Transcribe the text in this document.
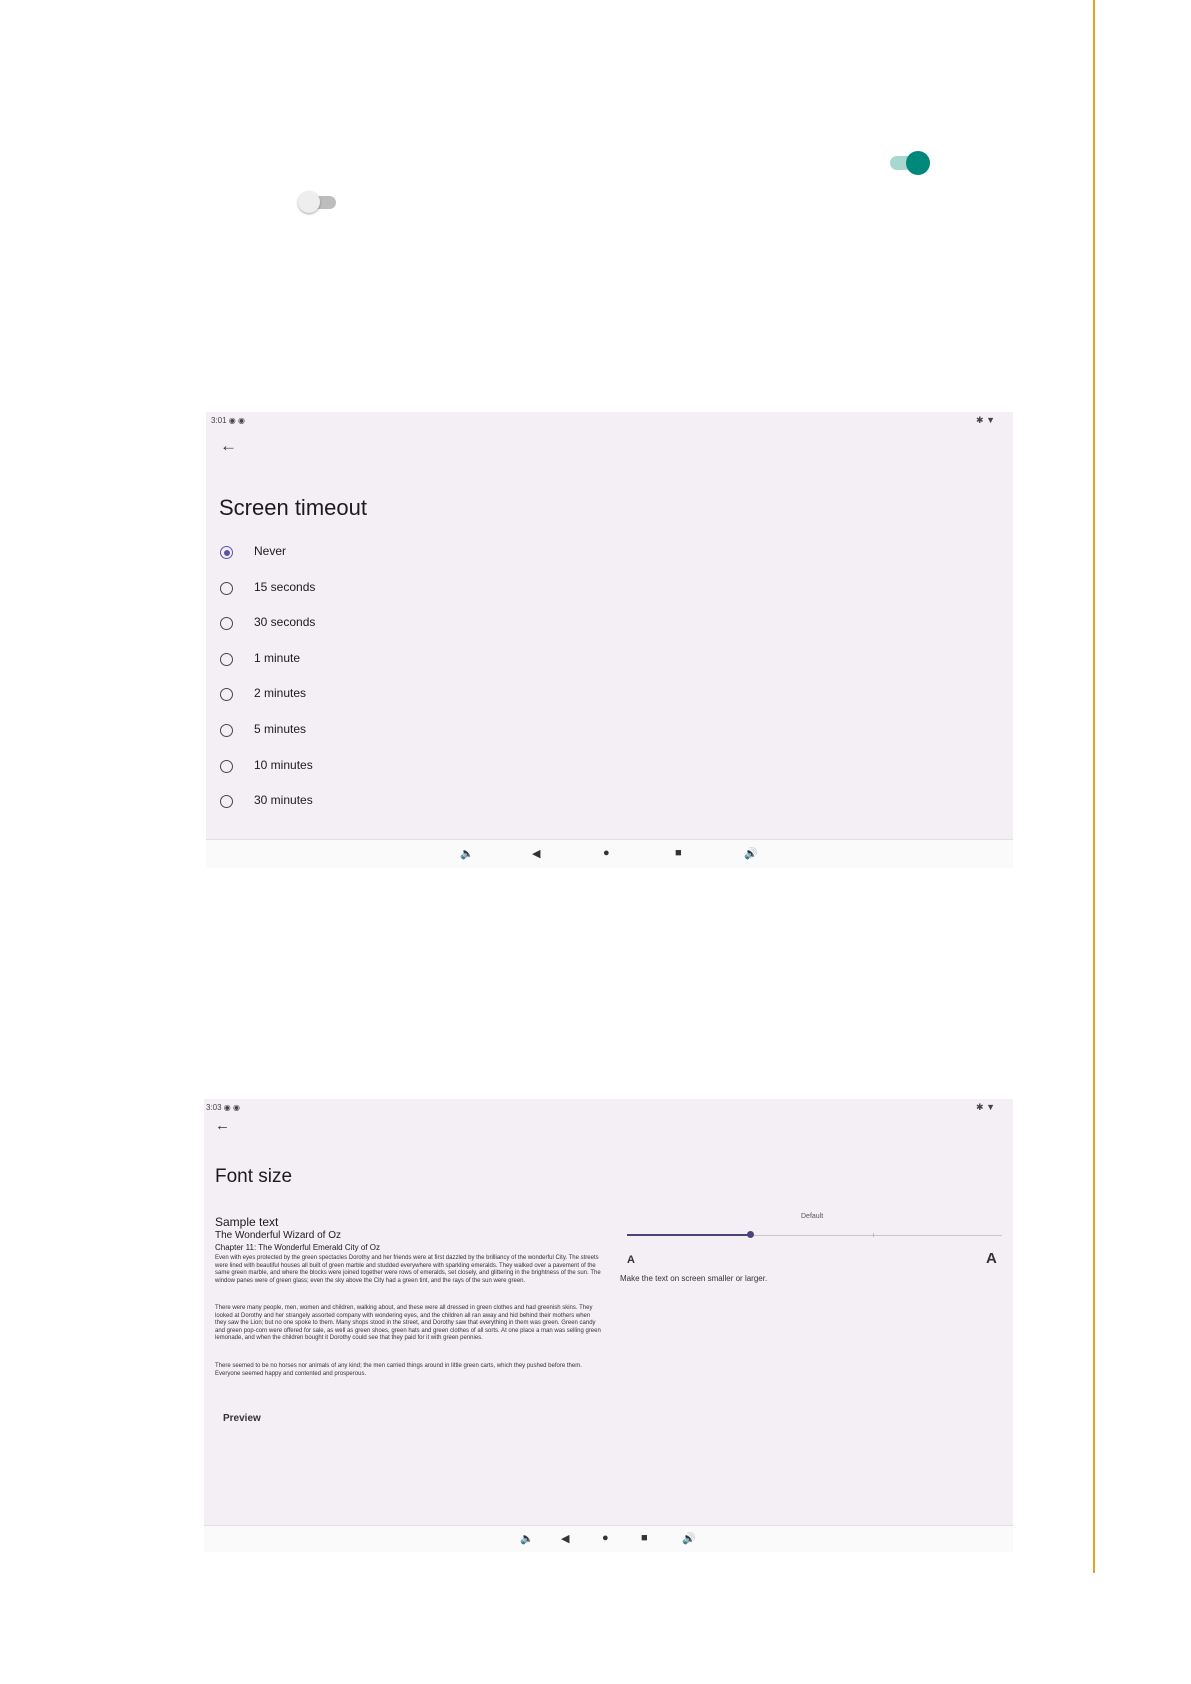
3:01 ◉ ◉	✱ ▼
←
Screen timeout
Never
15 seconds
30 seconds
1 minute
2 minutes
5 minutes
10 minutes
30 minutes
🔈	◀	●	■	🔊
3:03 ◉ ◉	✱ ▼
←
Font size
Sample text
The Wonderful Wizard of Oz
Chapter 11: The Wonderful Emerald City of Oz
Even with eyes protected by the green spectacles Dorothy and her friends were at first dazzled by the brilliancy of the wonderful City. The streets were lined with beautiful houses all built of green marble and studded everywhere with sparkling emeralds. They walked over a pavement of the same green marble, and where the blocks were joined together were rows of emeralds, set closely, and glittering in the brightness of the sun. The window panes were of green glass; even the sky above the City had a green tint, and the rays of the sun were green.
There were many people, men, women and children, walking about, and these were all dressed in green clothes and had greenish skins. They looked at Dorothy and her strangely assorted company with wondering eyes, and the children all ran away and hid behind their mothers when they saw the Lion; but no one spoke to them. Many shops stood in the street, and Dorothy saw that everything in them was green. Green candy and green pop-corn were offered for sale, as well as green shoes, green hats and green clothes of all sorts. At one place a man was selling green lemonade, and when the children bought it Dorothy could see that they paid for it with green pennies.
There seemed to be no horses nor animals of any kind; the men carried things around in little green carts, which they pushed before them. Everyone seemed happy and contented and prosperous.
Preview
Default
A	A
Make the text on screen smaller or larger.
🔈 ◀	●	■	🔊
